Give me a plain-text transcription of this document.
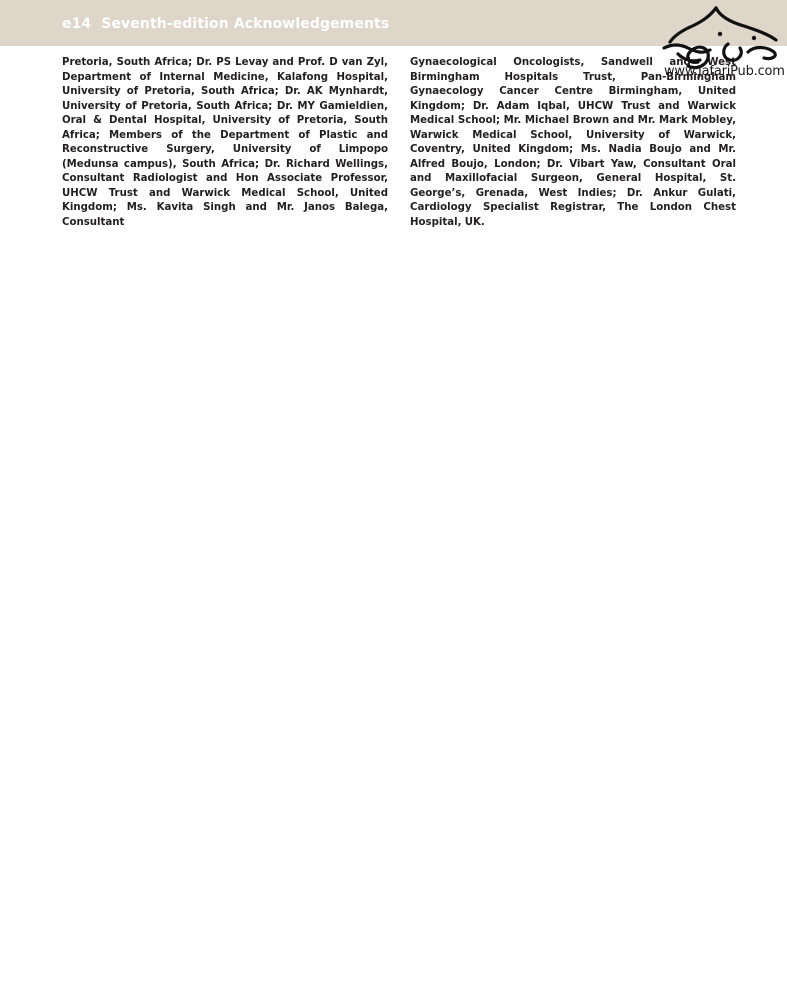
e14 Seventh-edition Acknowledgements
Pretoria, South Africa; Dr. PS Levay and Prof. D van Zyl, Department of Internal Medicine, Kalafong Hospital, University of Pretoria, South Africa; Dr. AK Mynhardt, University of Pretoria, South Africa; Dr. MY Gamieldien, Oral & Dental Hospital, University of Pretoria, South Africa; Members of the Department of Plastic and Reconstructive Surgery, University of Limpopo (Medunsa campus), South Africa; Dr. Richard Wellings, Consultant Radiologist and Hon Associate Professor, UHCW Trust and Warwick Medical School, United Kingdom; Ms. Kavita Singh and Mr. Janos Balega, Consultant
Gynaecological Oncologists, Sandwell and West Birmingham Hospitals Trust, Pan-Birmingham Gynaecology Cancer Centre Birmingham, United Kingdom; Dr. Adam Iqbal, UHCW Trust and Warwick Medical School; Mr. Michael Brown and Mr. Mark Mobley, Warwick Medical School, University of Warwick, Coventry, United Kingdom; Ms. Nadia Boujo and Mr. Alfred Boujo, London; Dr. Vibart Yaw, Consultant Oral and Maxillofacial Surgeon, General Hospital, St. George’s, Grenada, West Indies; Dr. Ankur Gulati, Cardiology Specialist Registrar, The London Chest Hospital, UK.
www.JafariPub.com
